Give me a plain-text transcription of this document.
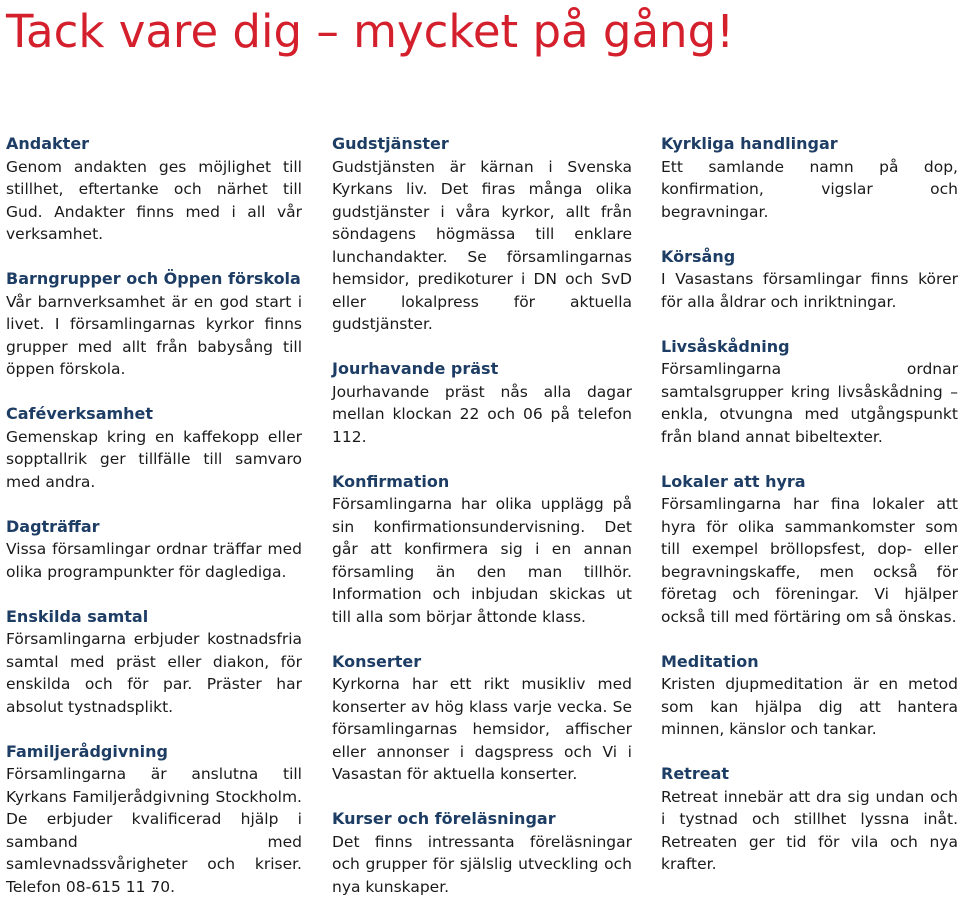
Tack vare dig – mycket på gång!
Andakter

Genom andakten ges möjlighet till stillhet, eftertanke och närhet till Gud. Andakter finns med i all vår verksamhet.

Barngrupper och Öppen förskola

Vår barnverksamhet är en god start i livet. I församlingarnas kyrkor finns grupper med allt från babysång till öppen förskola.

Caféverksamhet

Gemenskap kring en kaffekopp eller sopptallrik ger tillfälle till samvaro med andra.

Dagträffar

Vissa församlingar ordnar träffar med olika programpunkter för daglediga.

Enskilda samtal

Församlingarna erbjuder kostnadsfria samtal med präst eller diakon, för enskilda och för par. Präster har absolut tystnadsplikt.

Familjerådgivning

Församlingarna är anslutna till Kyrkans Familjerådgivning Stockholm. De erbjuder kvalificerad hjälp i samband med samlevnadssvårigheter och kriser. Telefon 08-615 11 70.

Gudstjänster

Gudstjänsten är kärnan i Svenska Kyrkans liv. Det firas många olika gudstjänster i våra kyrkor, allt från söndagens högmässa till enklare lunchandakter. Se församlingarnas hemsidor, predikoturer i DN och SvD eller lokalpress för aktuella gudstjänster.

Jourhavande präst

Jourhavande präst nås alla dagar mellan klockan 22 och 06 på telefon 112.

Konfirmation

Församlingarna har olika upplägg på sin konfirmationsundervisning. Det går att konfirmera sig i en annan församling än den man tillhör. Information och inbjudan skickas ut till alla som börjar åttonde klass.

Konserter

Kyrkorna har ett rikt musikliv med konserter av hög klass varje vecka. Se församlingarnas hemsidor, affischer eller annonser i dagspress och Vi i Vasastan för aktuella konserter.

Kurser och föreläsningar

Det finns intressanta föreläsningar och grupper för själslig utveckling och nya kunskaper.

Kyrkliga handlingar

Ett samlande namn på dop, konfirmation, vigslar och begravningar.

Körsång

I Vasastans församlingar finns körer för alla åldrar och inriktningar.

Livsåskådning

Församlingarna ordnar samtalsgrupper kring livsåskådning – enkla, otvungna med utgångspunkt från bland annat bibeltexter.

Lokaler att hyra

Församlingarna har fina lokaler att hyra för olika sammankomster som till exempel bröllopsfest, dop- eller begravningskaffe, men också för företag och föreningar. Vi hjälper också till med förtäring om så önskas.

Meditation

Kristen djupmeditation är en metod som kan hjälpa dig att hantera minnen, känslor och tankar.

Retreat

Retreat innebär att dra sig undan och i tystnad och stillhet lyssna inåt. Retreaten ger tid för vila och nya krafter.
